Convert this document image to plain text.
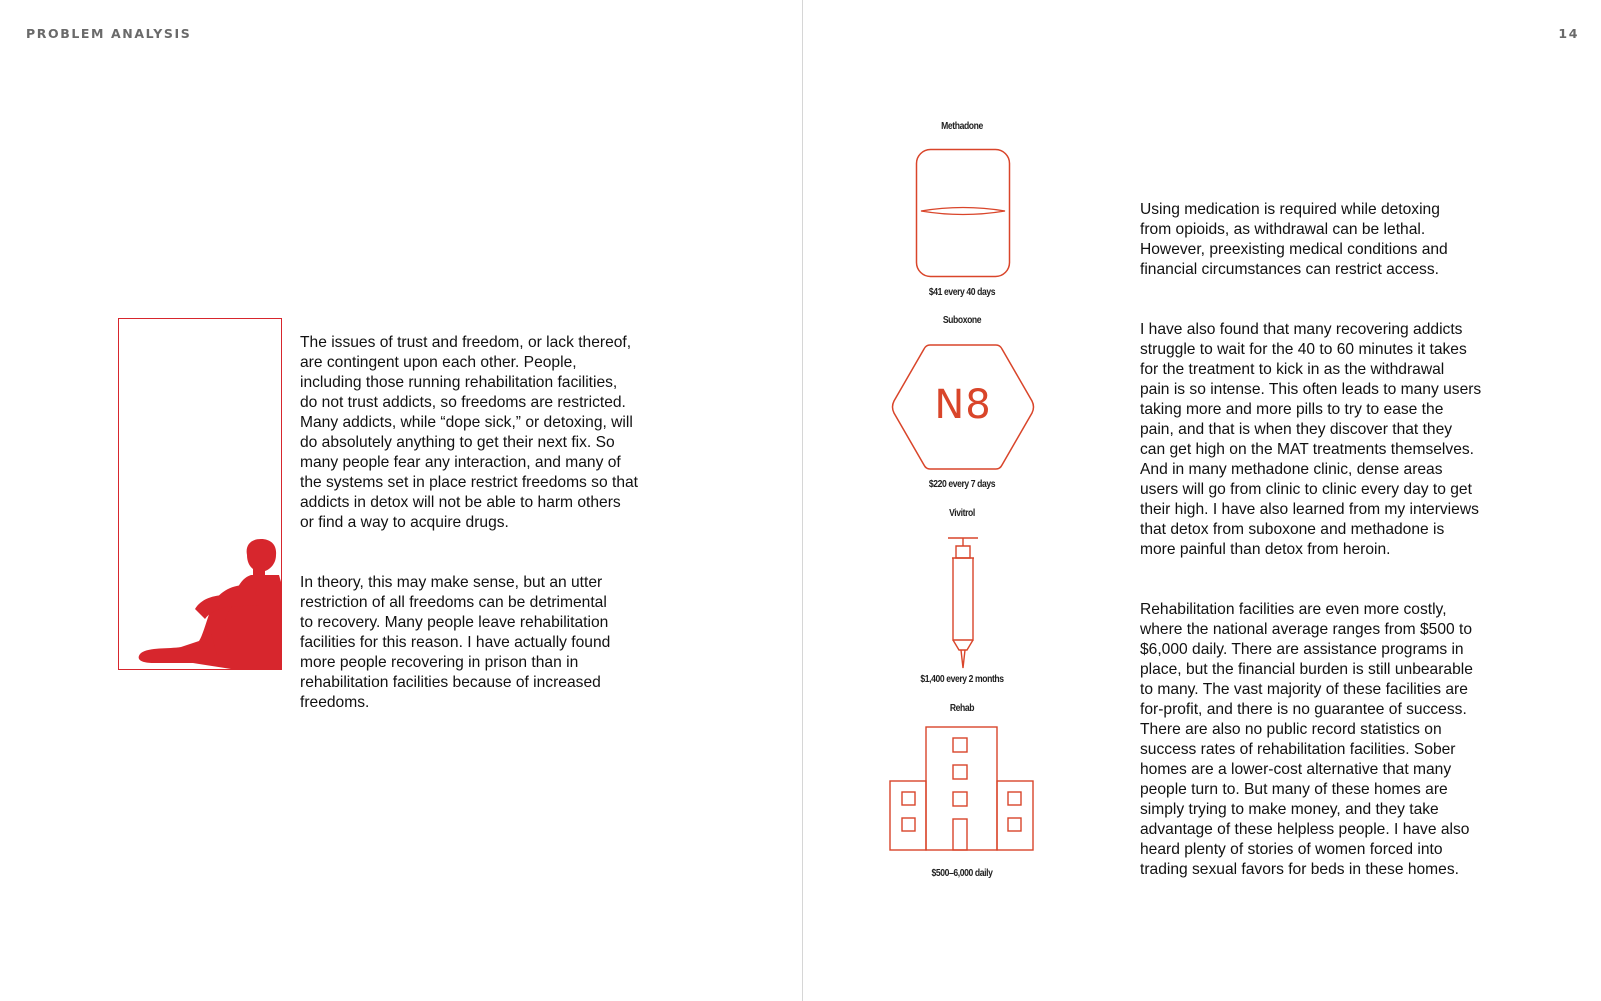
PROBLEM ANALYSIS	14

The issues of trust and freedom, or lack thereof,
are contingent upon each other. People,
including those running rehabilitation facilities,
do not trust addicts, so freedoms are restricted.
Many addicts, while “dope sick,” or detoxing, will
do absolutely anything to get their next fix. So
many people fear any interaction, and many of
the systems set in place restrict freedoms so that
addicts in detox will not be able to harm others
or find a way to acquire drugs.

In theory, this may make sense, but an utter
restriction of all freedoms can be detrimental
to recovery. Many people leave rehabilitation
facilities for this reason. I have actually found
more people recovering in prison than in
rehabilitation facilities because of increased
freedoms.

Methadone
$41 every 40 days
Suboxone
N8
$220 every 7 days
Vivitrol
$1,400 every 2 months
Rehab
$500–6,000 daily

Using medication is required while detoxing
from opioids, as withdrawal can be lethal.
However, preexisting medical conditions and
financial circumstances can restrict access.

I have also found that many recovering addicts
struggle to wait for the 40 to 60 minutes it takes
for the treatment to kick in as the withdrawal
pain is so intense. This often leads to many users
taking more and more pills to try to ease the
pain, and that is when they discover that they
can get high on the MAT treatments themselves.
And in many methadone clinic, dense areas
users will go from clinic to clinic every day to get
their high. I have also learned from my interviews
that detox from suboxone and methadone is
more painful than detox from heroin.

Rehabilitation facilities are even more costly,
where the national average ranges from $500 to
$6,000 daily. There are assistance programs in
place, but the financial burden is still unbearable
to many. The vast majority of these facilities are
for-profit, and there is no guarantee of success.
There are also no public record statistics on
success rates of rehabilitation facilities. Sober
homes are a lower-cost alternative that many
people turn to. But many of these homes are
simply trying to make money, and they take
advantage of these helpless people. I have also
heard plenty of stories of women forced into
trading sexual favors for beds in these homes.
